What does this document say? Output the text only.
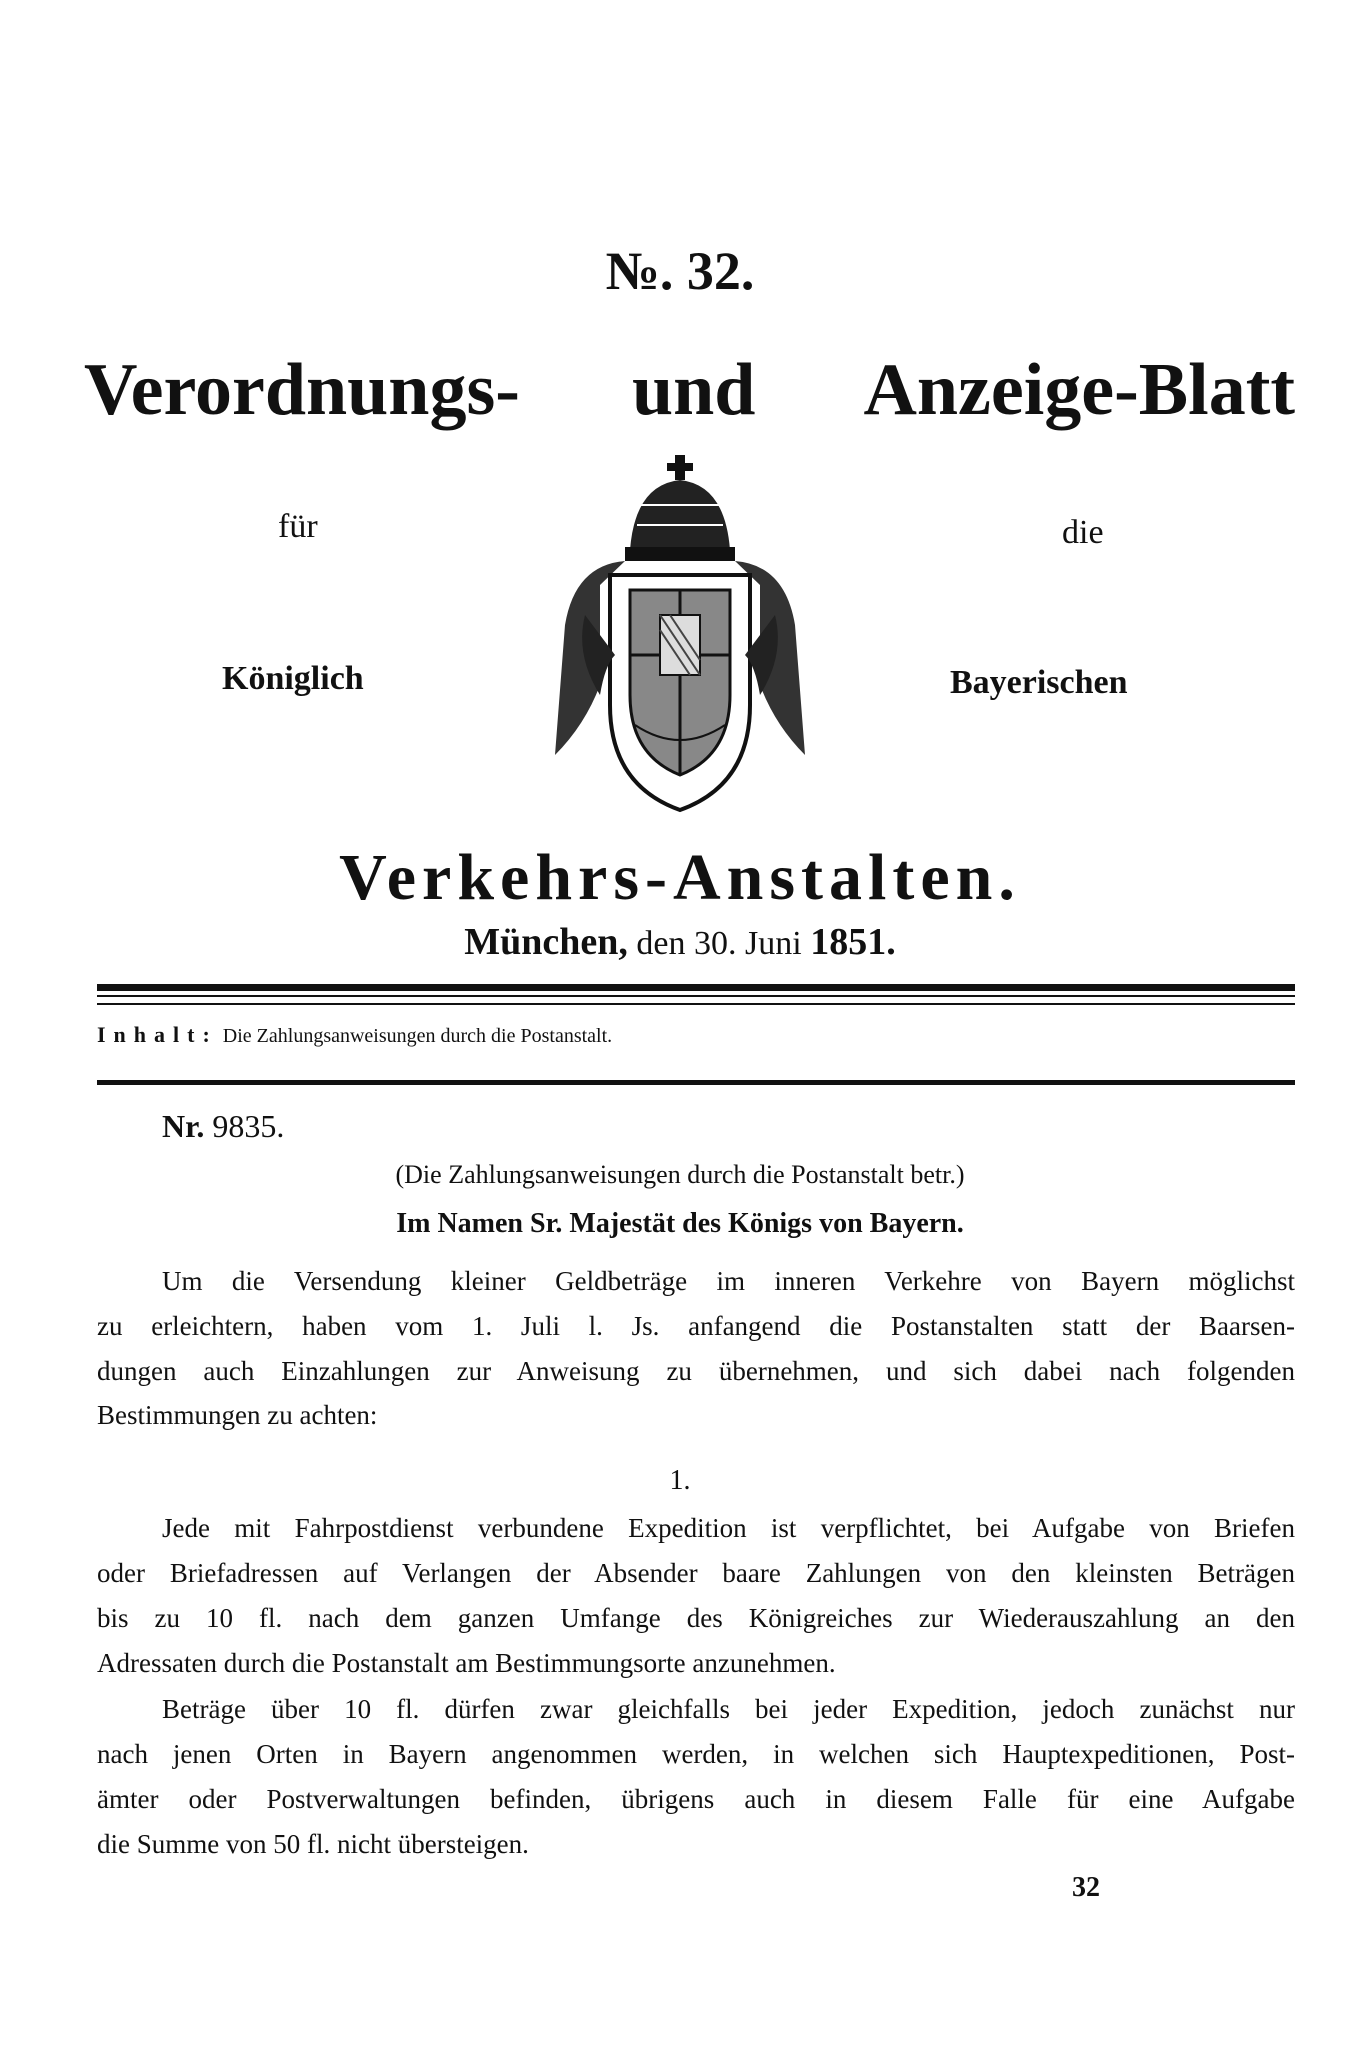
№. 32.
Verordnungs- und Anzeige-Blatt
für	die
Königlich	Bayerischen
Verkehrs-Anstalten.
München, den 30. Juni 1851.
Inhalt: Die Zahlungsanweisungen durch die Postanstalt.
Nr. 9835.
(Die Zahlungsanweisungen durch die Postanstalt betr.)
Im Namen Sr. Majestät des Königs von Bayern.
Um die Versendung kleiner Geldbeträge im inneren Verkehre von Bayern möglichst
zu erleichtern, haben vom 1. Juli l. Js. anfangend die Postanstalten statt der Baarsen-
dungen auch Einzahlungen zur Anweisung zu übernehmen, und sich dabei nach folgenden
Bestimmungen zu achten:
1.
Jede mit Fahrpostdienst verbundene Expedition ist verpflichtet, bei Aufgabe von Briefen
oder Briefadressen auf Verlangen der Absender baare Zahlungen von den kleinsten Beträgen
bis zu 10 fl. nach dem ganzen Umfange des Königreiches zur Wiederauszahlung an den
Adressaten durch die Postanstalt am Bestimmungsorte anzunehmen.
Beträge über 10 fl. dürfen zwar gleichfalls bei jeder Expedition, jedoch zunächst nur
nach jenen Orten in Bayern angenommen werden, in welchen sich Hauptexpeditionen, Post-
ämter oder Postverwaltungen befinden, übrigens auch in diesem Falle für eine Aufgabe
die Summe von 50 fl. nicht übersteigen.
32
